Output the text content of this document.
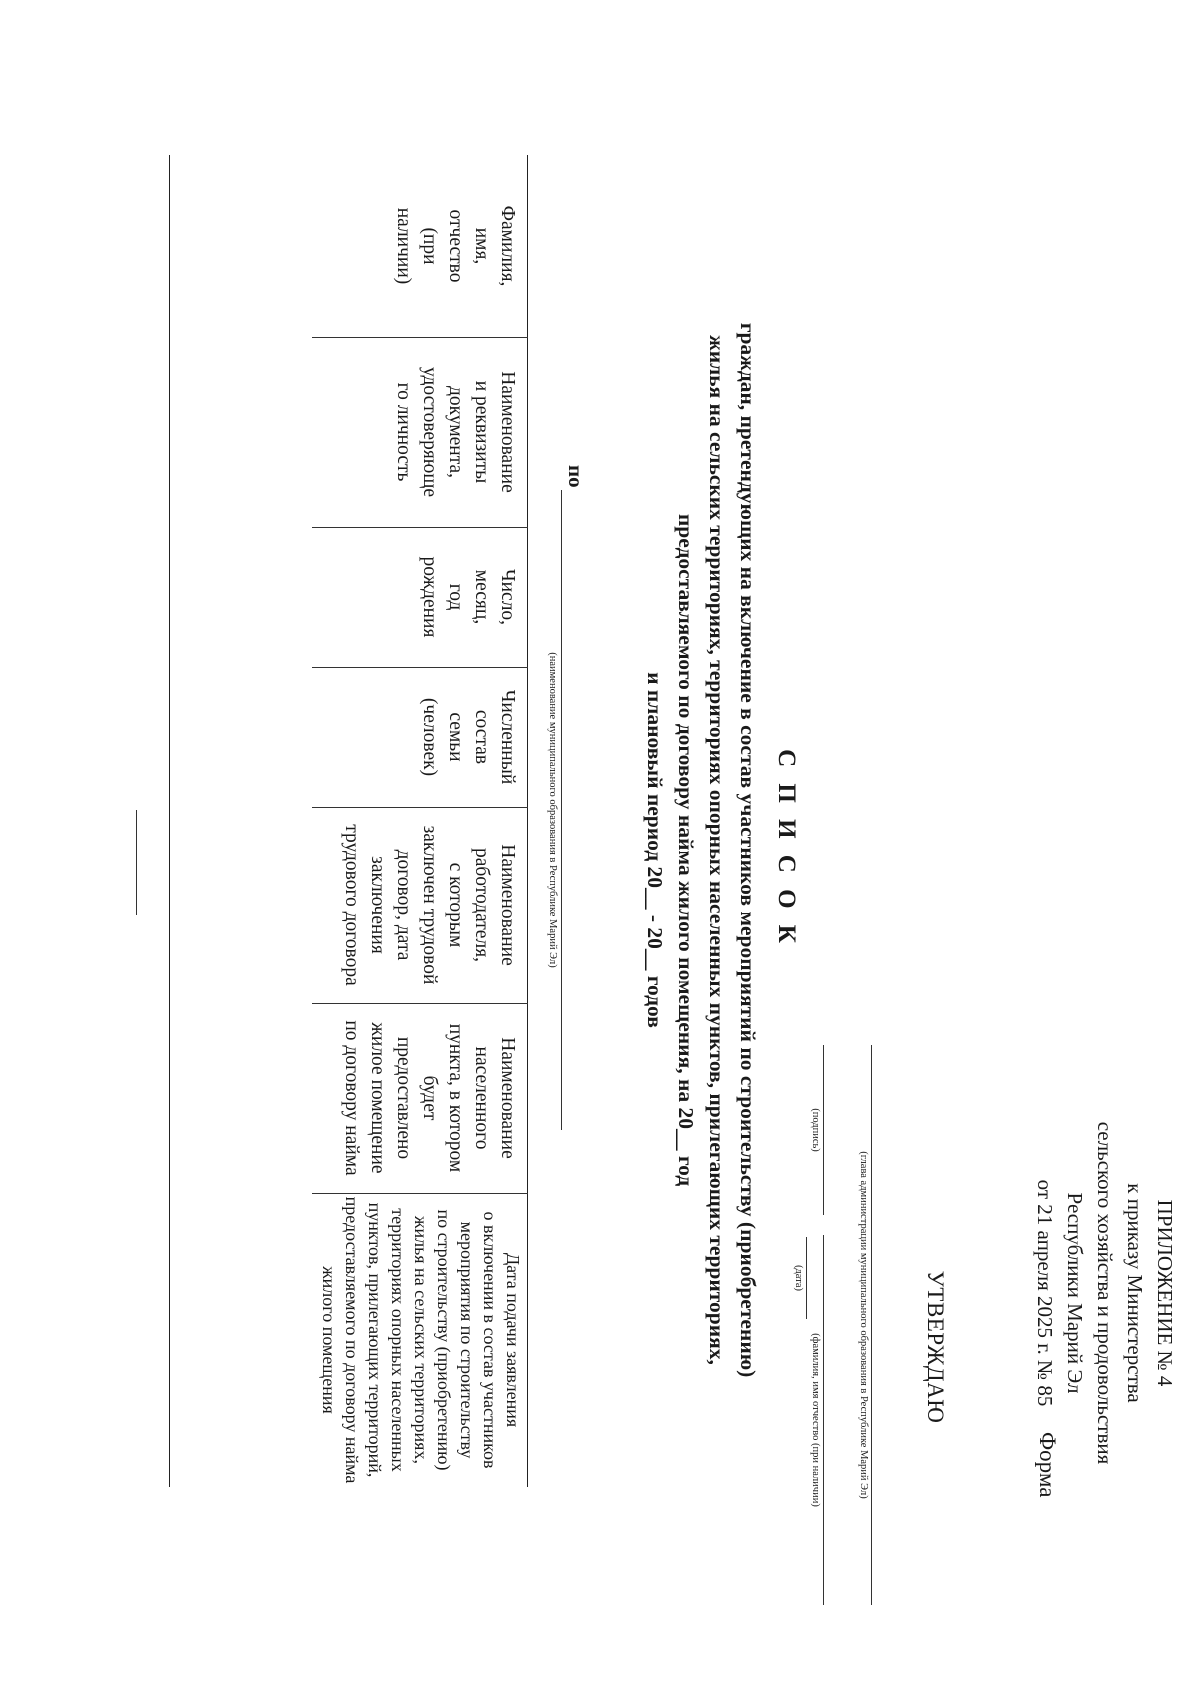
ПРИЛОЖЕНИЕ № 4
к приказу Министерства
сельского хозяйства и продовольствия
Республики Марий Эл
от 21 апреля 2025 г. № 85
Форма
УТВЕРЖДАЮ
(глава администрации муниципального образования в Республике Марий Эл)
(подпись)
(фамилия, имя отчество (при наличии)
(дата)
С П И С О К
граждан, претендующих на включение в состав участников мероприятий по строительству (приобретению)
жилья на сельских территориях, территориях опорных населенных пунктов, прилегающих территориях,
предоставляемого по договору найма жилого помещения, на 20__ год
и плановый период 20__ - 20__ годов
по
(наименование муниципального образования в Республике Марий Эл)
Фамилия,
имя,
отчество
(при
наличии)
Наименование
и реквизиты
документа,
удостоверяюще
го личность
Число,
месяц,
год
рождения
Численный
состав
семьи
(человек)
Наименование
работодателя,
с которым
заключен трудовой
договор, дата
заключения
трудового договора
Наименование
населенного
пункта, в котором
будет
предоставлено
жилое помещение
по договору найма
Дата подачи заявления
о включении в состав участников
мероприятия по строительству
по строительству (приобретению)
жилья на сельских территориях,
территориях опорных населенных
пунктов, прилегающих территорий,
предоставляемого по договору найма
жилого помещения
